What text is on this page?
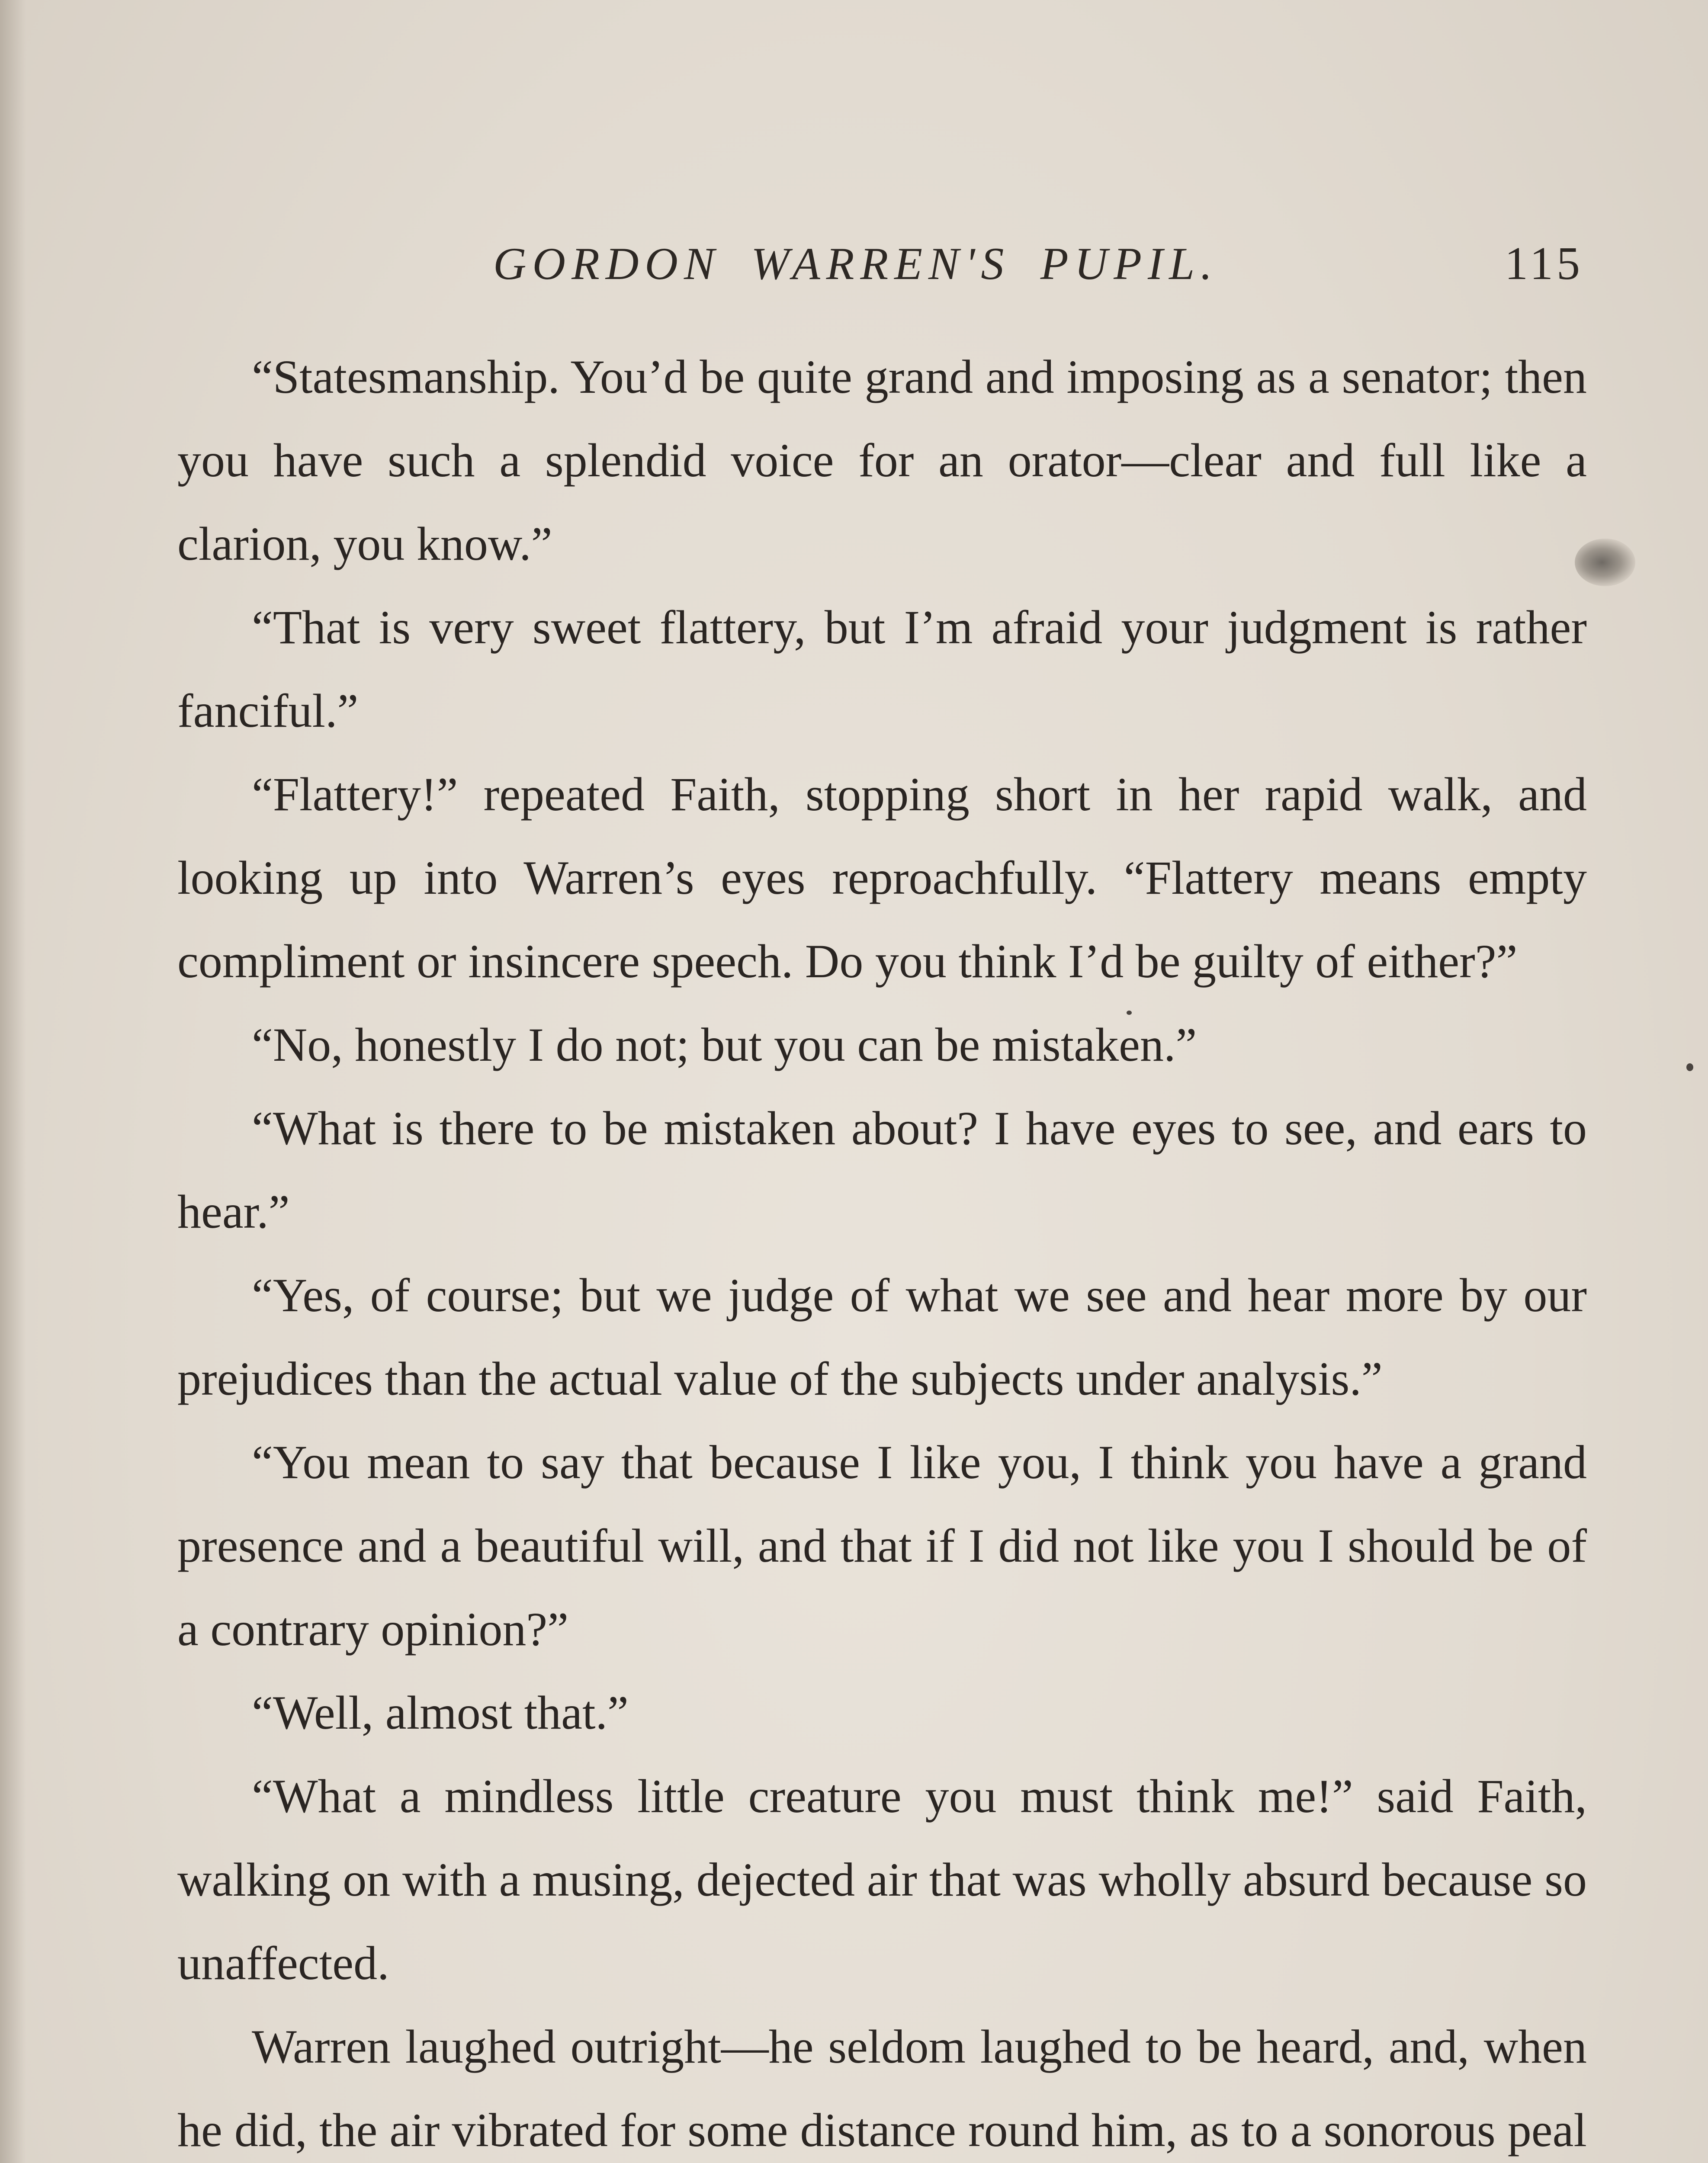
GORDON WARREN'S PUPIL.	115

“Statesmanship. You’d be quite grand and imposing as a senator; then you have such a splendid voice for an orator—clear and full like a clarion, you know.”

“That is very sweet flattery, but I’m afraid your judgment is rather fanciful.”

“Flattery!” repeated Faith, stopping short in her rapid walk, and looking up into Warren’s eyes reproachfully. “Flattery means empty compliment or insincere speech. Do you think I’d be guilty of either?”

“No, honestly I do not; but you can be mistaken.”

“What is there to be mistaken about? I have eyes to see, and ears to hear.”

“Yes, of course; but we judge of what we see and hear more by our prejudices than the actual value of the subjects under analysis.”

“You mean to say that because I like you, I think you have a grand presence and a beautiful will, and that if I did not like you I should be of a contrary opinion?”

“Well, almost that.”

“What a mindless little creature you must think me!” said Faith, walking on with a musing, dejected air that was wholly absurd because so unaffected.

Warren laughed outright—he seldom laughed to be heard, and, when he did, the air vibrated for some distance round him, as to a sonorous peal
